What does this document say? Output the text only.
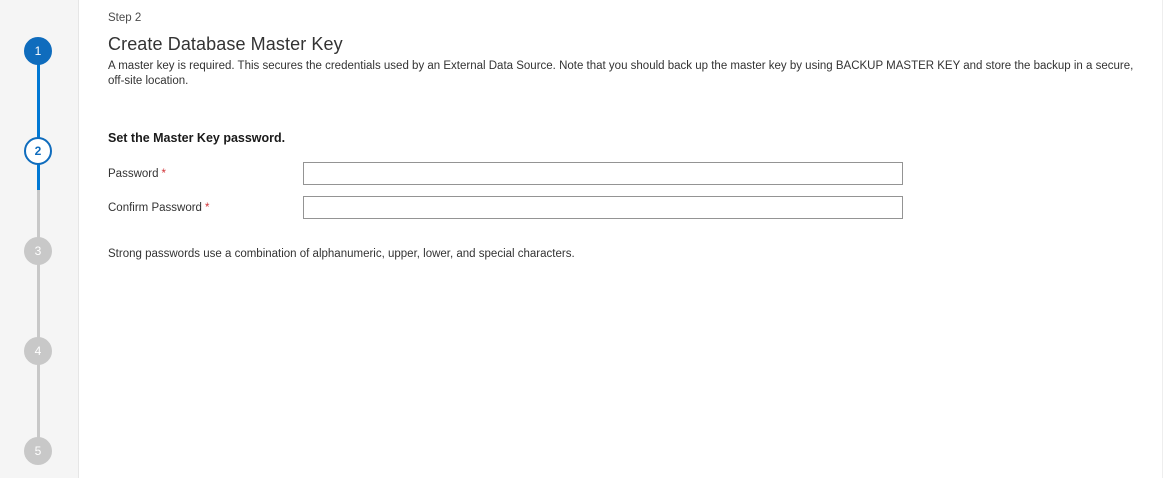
1
2
3
4
5
Step 2
Create Database Master Key

A master key is required. This secures the credentials used by an External Data Source. Note that you should back up the master key by using BACKUP MASTER KEY and store the backup in a secure, off-site location.

Set the Master Key password.
Password *
Confirm Password *

Strong passwords use a combination of alphanumeric, upper, lower, and special characters.
